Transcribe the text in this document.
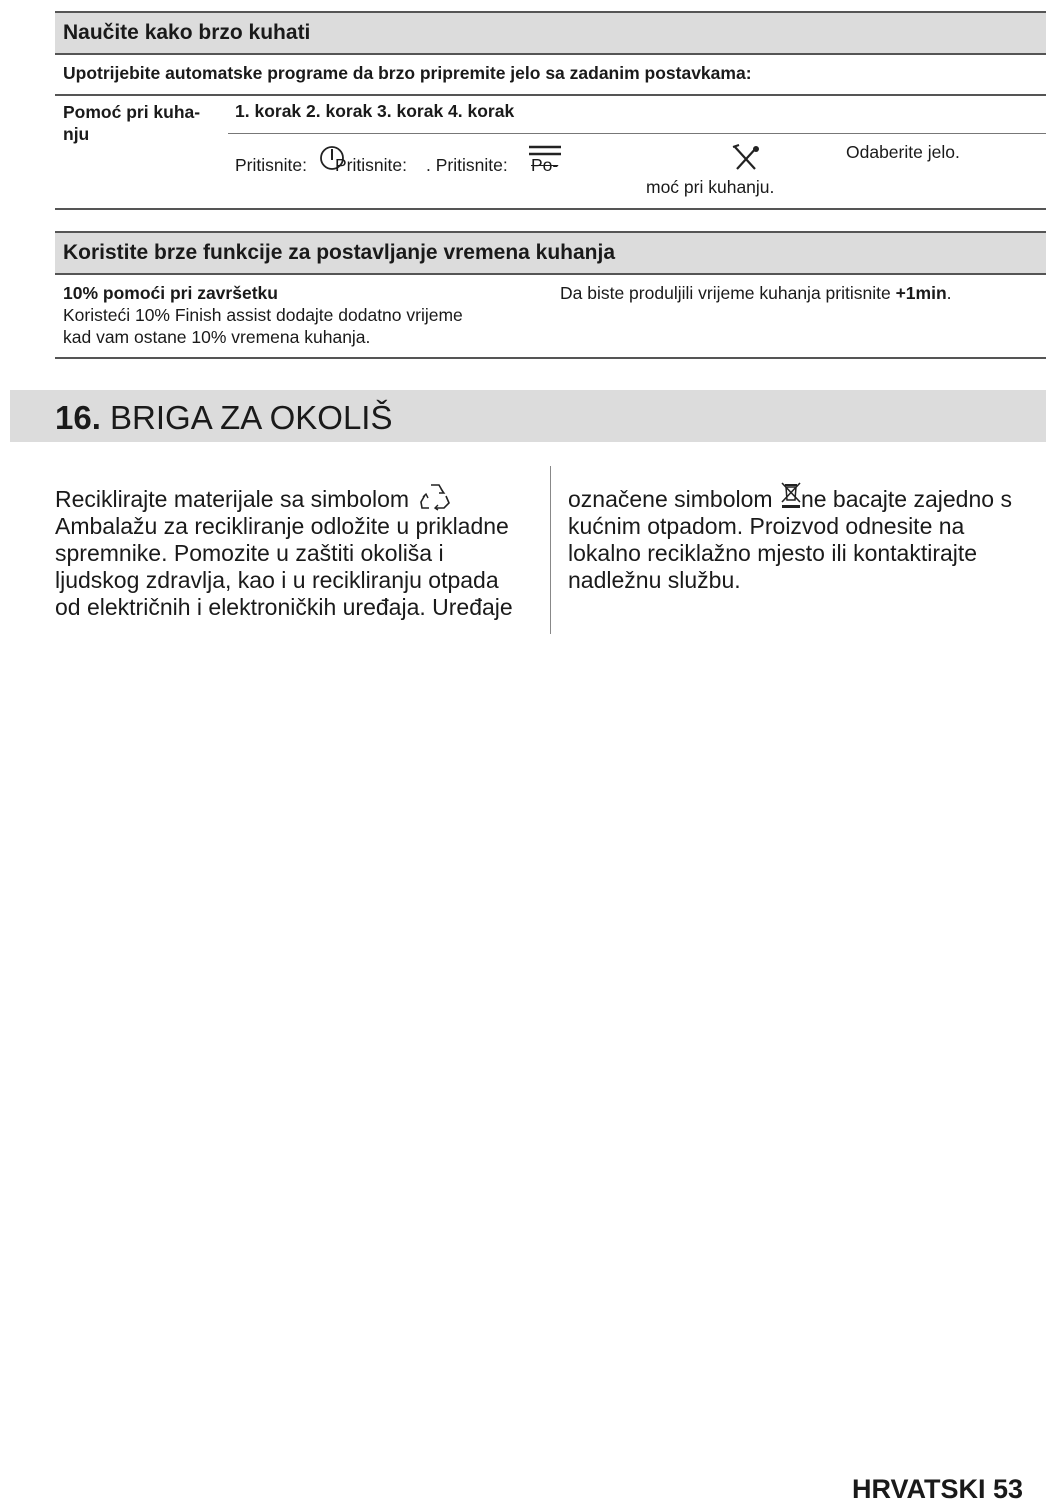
Naučite kako brzo kuhati
Upotrijebite automatske programe da brzo pripremite jelo sa zadanim postavkama:
Pomoć pri kuha-
nju
1. korak 2. korak 3. korak 4. korak
Pritisnite: Pritisnite: . Pritisnite: Po-
moć pri kuhanju.
Odaberite jelo.
Koristite brze funkcije za postavljanje vremena kuhanja
10% pomoći pri završetku
Koristeći 10% Finish assist dodajte dodatno vrijeme
kad vam ostane 10% vremena kuhanja.
Da biste produljili vrijeme kuhanja pritisnite +1min.
16. BRIGA ZA OKOLIŠ
Reciklirajte materijale sa simbolom
Ambalažu za recikliranje odložite u prikladne
spremnike. Pomozite u zaštiti okoliša i
ljudskog zdravlja, kao i u recikliranju otpada
od električnih i elektroničkih uređaja. Uređaje
označene simbolom ne bacajte zajedno s
kućnim otpadom. Proizvod odnesite na
lokalno reciklažno mjesto ili kontaktirajte
nadležnu službu.
HRVATSKI 53
